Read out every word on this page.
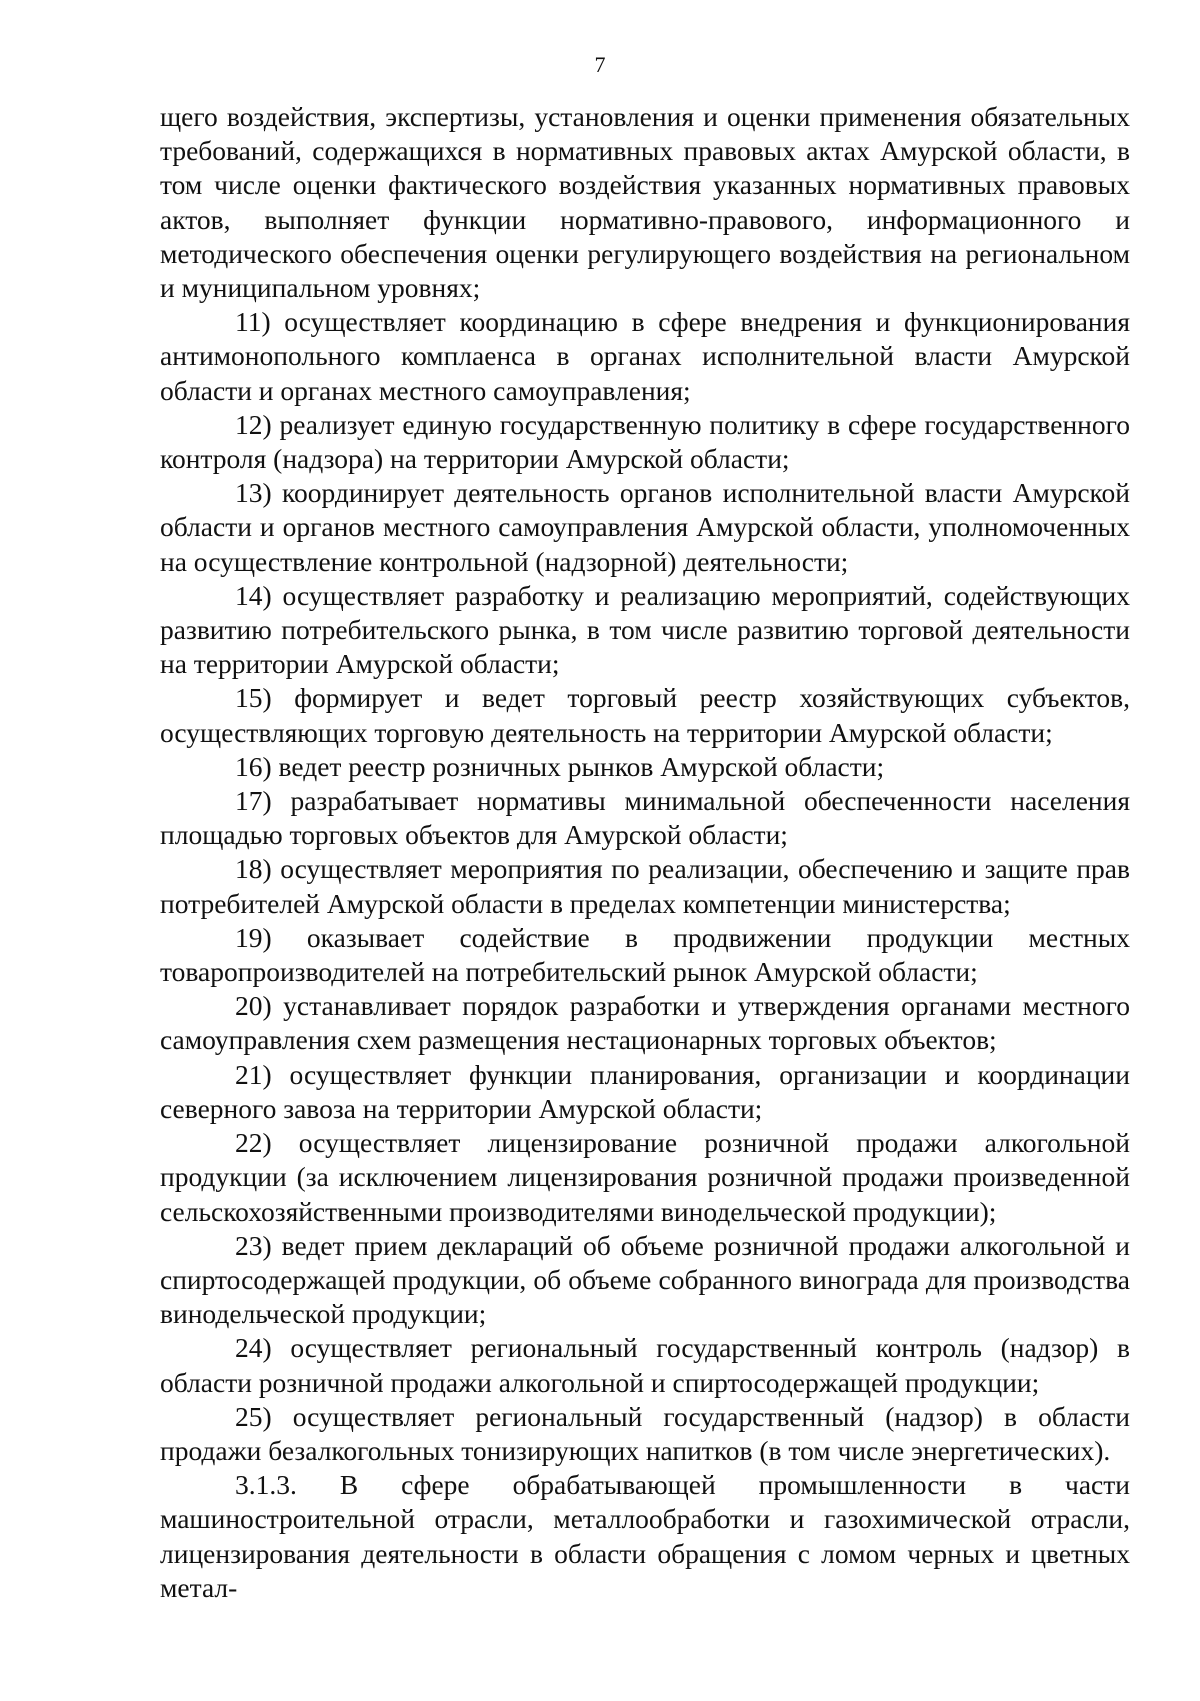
7

щего воздействия, экспертизы, установления и оценки применения обязательных требований, содержащихся в нормативных правовых актах Амурской области, в том числе оценки фактического воздействия указанных нормативных правовых актов, выполняет функции нормативно-правового, информационного и методического обеспечения оценки регулирующего воздействия на региональном и муниципальном уровнях;

11) осуществляет координацию в сфере внедрения и функционирования антимонопольного комплаенса в органах исполнительной власти Амурской области и органах местного самоуправления;

12) реализует единую государственную политику в сфере государственного контроля (надзора) на территории Амурской области;

13) координирует деятельность органов исполнительной власти Амурской области и органов местного самоуправления Амурской области, уполномоченных на осуществление контрольной (надзорной) деятельности;

14) осуществляет разработку и реализацию мероприятий, содействующих развитию потребительского рынка, в том числе развитию торговой деятельности на территории Амурской области;

15) формирует и ведет торговый реестр хозяйствующих субъектов, осуществляющих торговую деятельность на территории Амурской области;

16) ведет реестр розничных рынков Амурской области;

17) разрабатывает нормативы минимальной обеспеченности населения площадью торговых объектов для Амурской области;

18) осуществляет мероприятия по реализации, обеспечению и защите прав потребителей Амурской области в пределах компетенции министерства;

19) оказывает содействие в продвижении продукции местных товаропроизводителей на потребительский рынок Амурской области;

20) устанавливает порядок разработки и утверждения органами местного самоуправления схем размещения нестационарных торговых объектов;

21) осуществляет функции планирования, организации и координации северного завоза на территории Амурской области;

22) осуществляет лицензирование розничной продажи алкогольной продукции (за исключением лицензирования розничной продажи произведенной сельскохозяйственными производителями винодельческой продукции);

23) ведет прием деклараций об объеме розничной продажи алкогольной и спиртосодержащей продукции, об объеме собранного винограда для производства винодельческой продукции;

24) осуществляет региональный государственный контроль (надзор) в области розничной продажи алкогольной и спиртосодержащей продукции;

25) осуществляет региональный государственный (надзор) в области продажи безалкогольных тонизирующих напитков (в том числе энергетических).

3.1.3. В сфере обрабатывающей промышленности в части машиностроительной отрасли, металлообработки и газохимической отрасли, лицензирования деятельности в области обращения с ломом черных и цветных метал-
